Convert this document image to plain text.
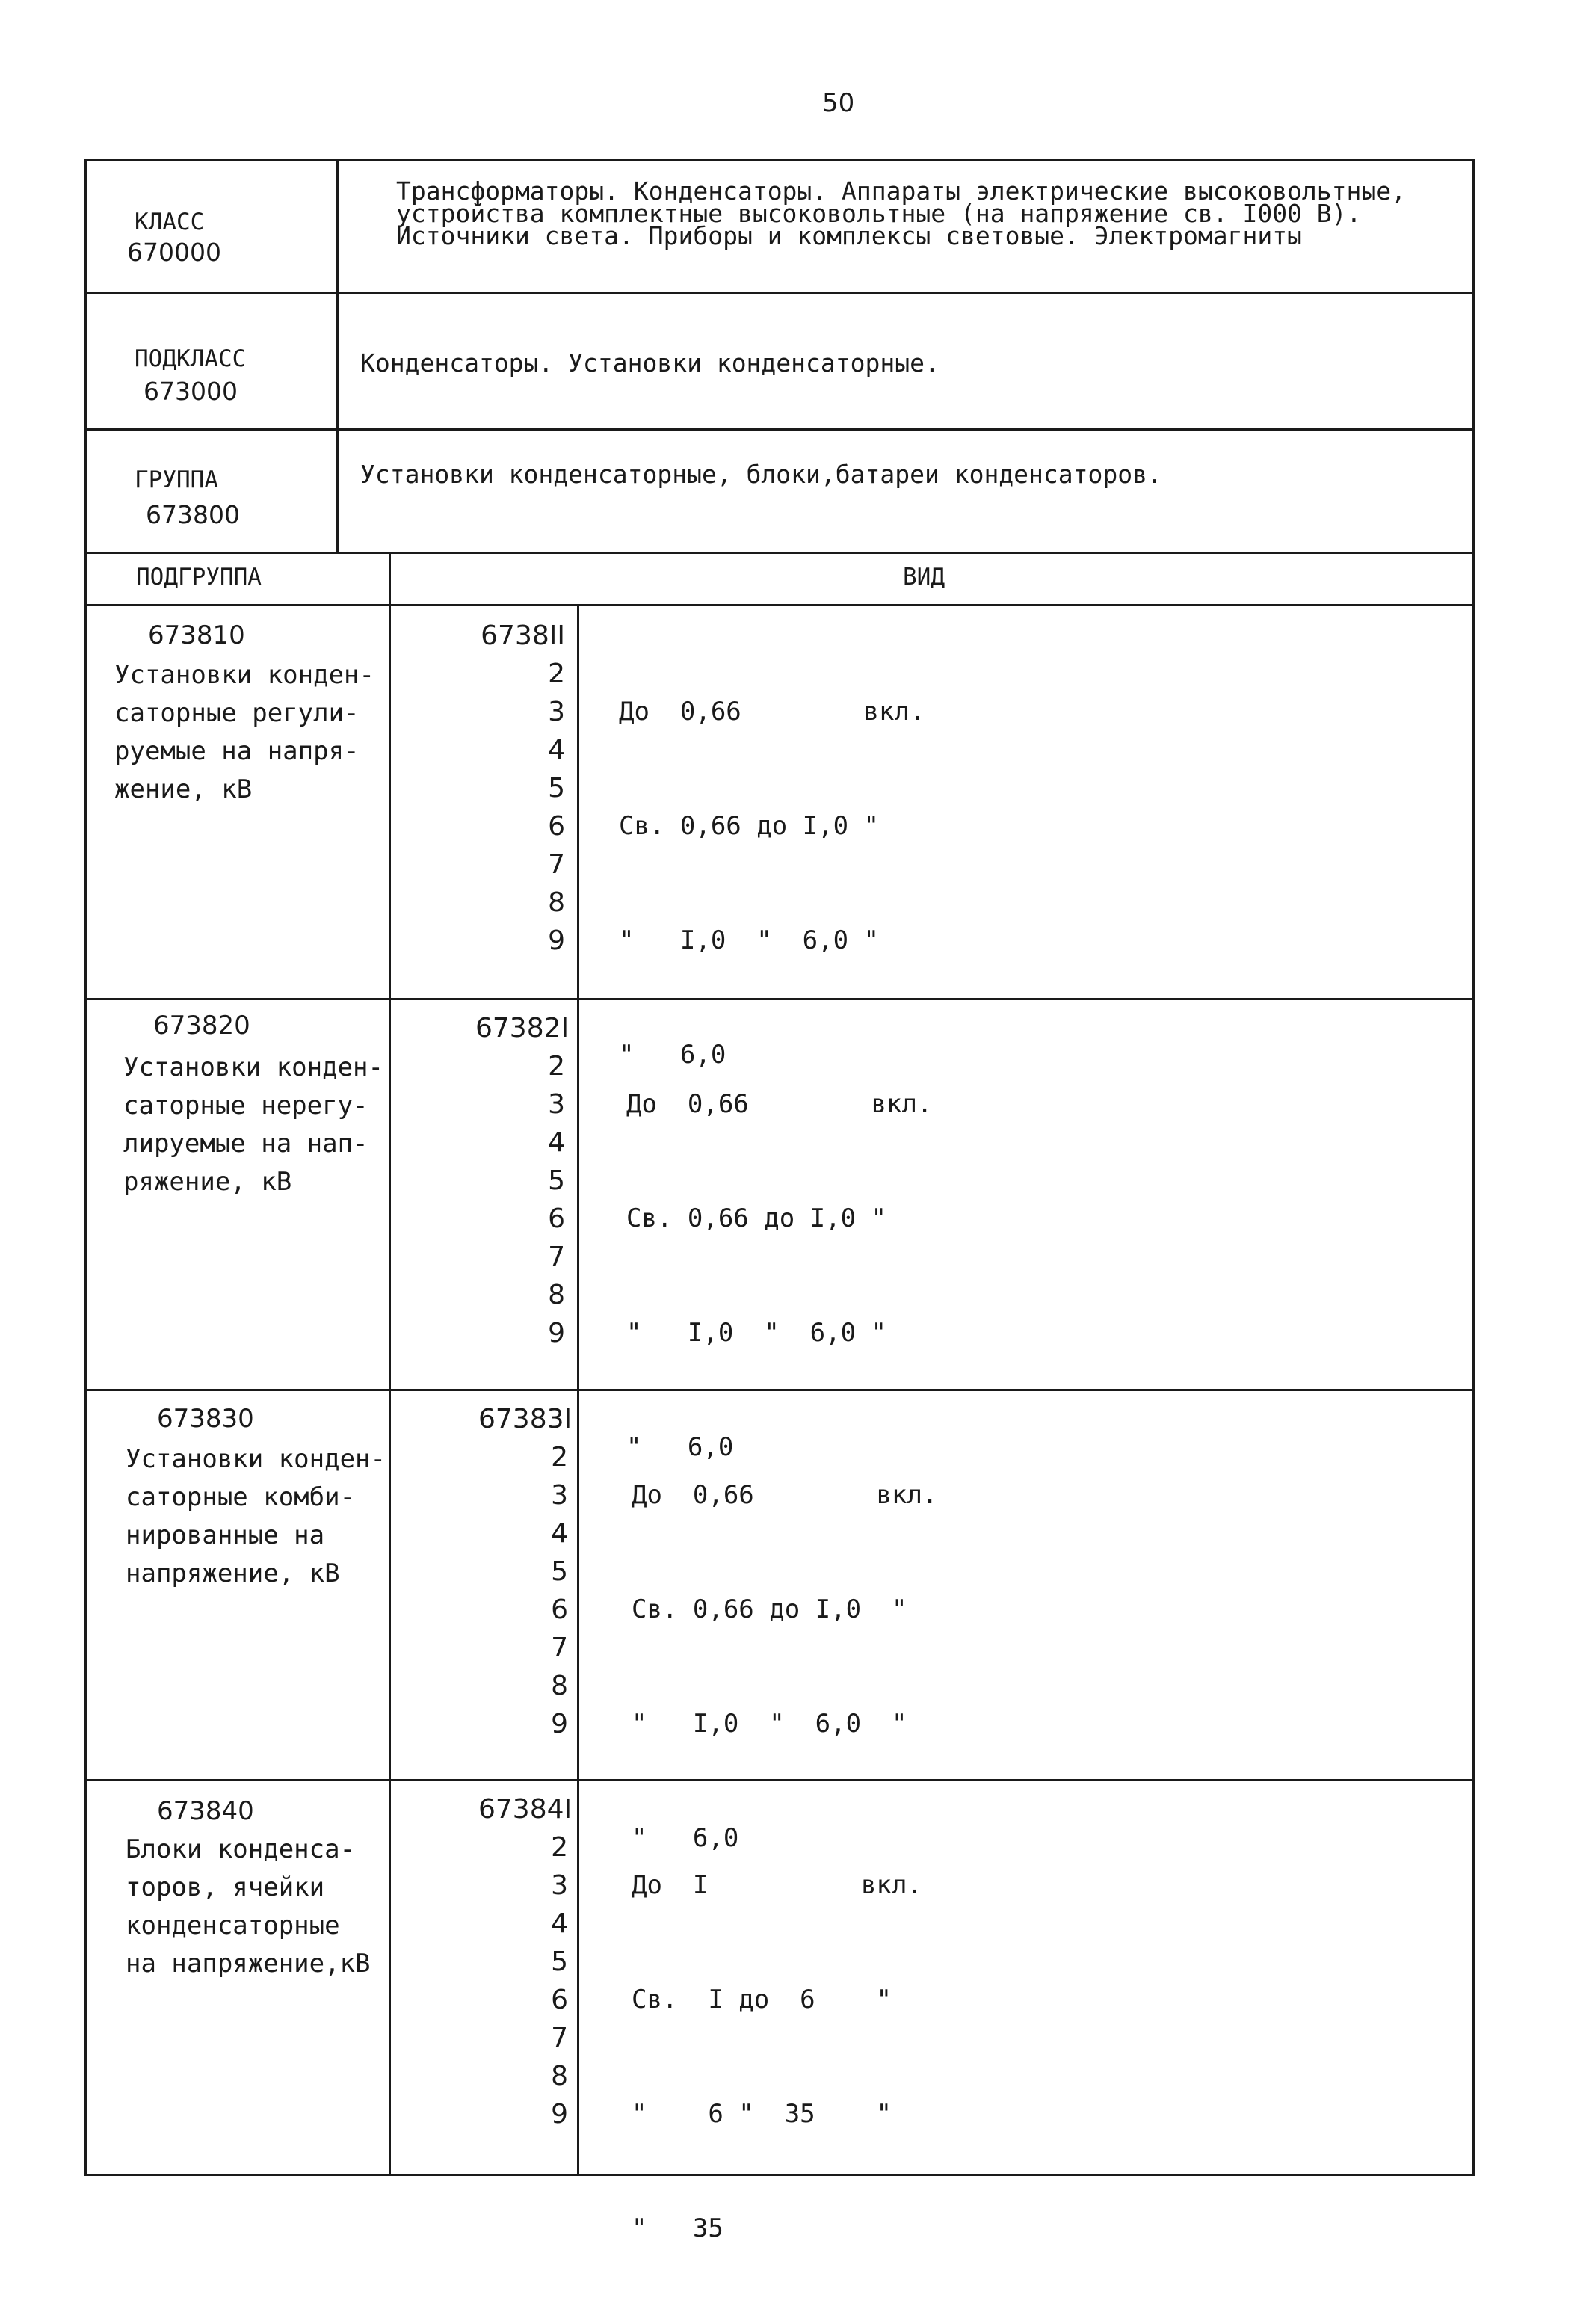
50
КЛАСС
670000
Трансформаторы. Конденсаторы. Аппараты электрические высоковольтные,
устройства комплектные высоковольтные (на напряжение св. I000 В).
Источники света. Приборы и комплексы световые. Электромагниты
ПОДКЛАСС
673000
Конденсаторы. Установки конденсаторные.
ГРУППА
673800
Установки конденсаторные, блоки,батареи конденсаторов.
ПОДГРУППА	ВИД
673810
Установки конден-
саторные регули-
руемые на напря-
жение, кВ
6738II
2
3
4
5
6
7
8
9

До  0,66        вкл.

Св. 0,66 до I,0 "

"   I,0  "  6,0 "

"   6,0

673820
Установки конден-
саторные нерегу-
лируемые на нап-
ряжение, кВ
67382I
2
3
4
5
6
7
8
9

До  0,66        вкл.

Св. 0,66 до I,0 "

"   I,0  "  6,0 "

"   6,0

673830
Установки конден-
саторные комби-
нированные на
напряжение, кВ
67383I
2
3
4
5
6
7
8
9

До  0,66        вкл.

Св. 0,66 до I,0  "

"   I,0  "  6,0  "

"   6,0

673840
Блоки конденса-
торов, ячейки
конденсаторные
на напряжение,кВ
67384I
2
3
4
5
6
7
8
9

До  I          вкл.

Св.  I до  6    "

"    6 "  35    "

"   35
